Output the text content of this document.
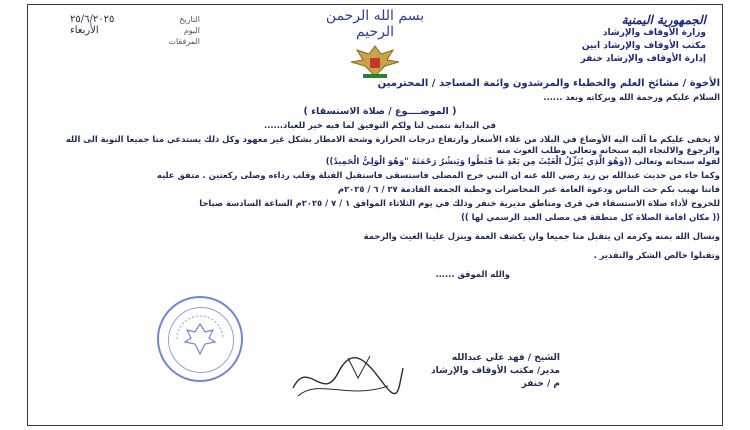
الجمهورية اليمنية
وزارة الأوقاف والإرشاد
مكتب الأوقاف والإرشاد ابين
إدارة الأوقاف والإرشاد خنفر
بسم الله الرحمن الرحيم
التاريخ
٢٥/٦/٢٠٢٥
اليوم
الأربعاء
المرفقات
الأخوة / مشائخ العلم والخطباء والمرشدون وائمة المساجد / المحترمين
السلام عليكم ورحمة الله وبركاته وبعد ......
( الموضــــوع / صلاة الاستسقاء )
في البداية نتمنى لنا ولكم التوفيق لما فيه خير للعباد......
لا يخفى عليكم ما آلت اليه الأوضاع في البلاد من غلاء الأسعار وارتفاع درجات الحرارة وشحة الامطار بشكل غير معهود وكل ذلك يستدعي منا جميعا التوبة الى الله والرجوع والالتجاء اليه سبحانه وتعالى وطلب الغوث منه
لقوله سبحانه وتعالى ((وَهُوَ الَّذِي يُنَزِّلُ الْغَيْثَ مِن بَعْدِ مَا قَنَطُوا وَيَنشُرُ رَحْمَتَهُ "وَهُوَ الْوَلِيُّ الْحَمِيدُ))
وكما جاء من حديث عبدالله بن زيد رضي الله عنه ان النبي خرج المصلى فاستسقى فاستقبل القبلة وقلب رداءه وصلى ركعتين . متفق عليه
فاننا نهيب بكم حث الناس ودعوة العامة عبر المحاضرات وخطبة الجمعة القادمة ٢٧ / ٦ / ٢٠٢٥م
للخروج لأداء صلاة الاستسقاء في قرى ومناطق مديرية خنفر وذلك في يوم الثلاثاء الموافق ١ / ٧ / ٢٠٢٥م الساعة السادسة صباحا
(( مكان اقامة الصلاة كل منطقة في مصلى العيد الرسمي لها ))
ونسال الله بمنه وكرمه ان يتقبل منا جميعا وان يكشف الغمة وينزل علينا الغيث والرحمة
وتقبلوا خالص الشكر والتقدير .
والله الموفق ......
الشيخ / فهد علي عبدالله
مدير/ مكتب الأوقاف والإرشاد
م / خنفر
